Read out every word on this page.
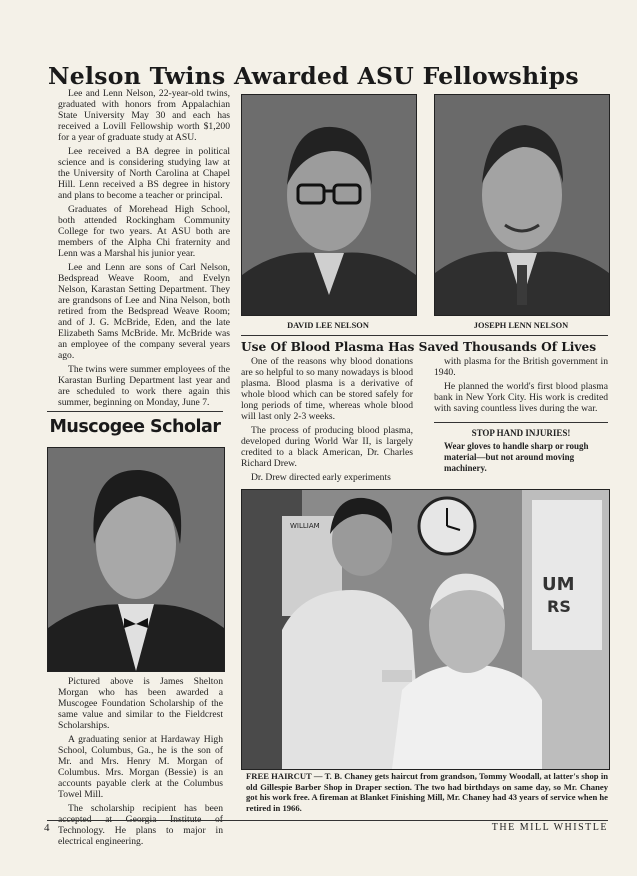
Nelson Twins Awarded ASU Fellowships

Lee and Lenn Nelson, 22-year-old twins, graduated with honors from Appalachian State University May 30 and each has received a Lovill Fellowship worth $1,200 for a year of graduate study at ASU.

Lee received a BA degree in political science and is considering studying law at the University of North Carolina at Chapel Hill. Lenn received a BS degree in history and plans to become a teacher or principal.

Graduates of Morehead High School, both attended Rockingham Community College for two years. At ASU both are members of the Alpha Chi fraternity and Lenn was a Marshal his junior year.

Lee and Lenn are sons of Carl Nelson, Bedspread Weave Room, and Evelyn Nelson, Karastan Setting Department. They are grandsons of Lee and Nina Nelson, both retired from the Bedspread Weave Room; and of J. G. McBride, Eden, and the late Elizabeth Sams McBride. Mr. McBride was an employee of the company several years ago.

The twins were summer employees of the Karastan Burling Department last year and are scheduled to work there again this summer, beginning on Monday, June 7.

DAVID LEE NELSON	JOSEPH LENN NELSON
Muscogee Scholar

Pictured above is James Shelton Morgan who has been awarded a Muscogee Foundation Scholarship of the same value and similar to the Fieldcrest Scholarships.

A graduating senior at Hardaway High School, Columbus, Ga., he is the son of Mr. and Mrs. Henry M. Morgan of Columbus. Mrs. Morgan (Bessie) is an accounts payable clerk at the Columbus Towel Mill.

The scholarship recipient has been Technology. He plans to major in electrical engineering.

Use Of Blood Plasma Has Saved Thousands Of Lives

One of the reasons why blood donations are so helpful to so many nowadays is blood plasma. Blood plasma is a derivative of whole blood which can be stored safely for long periods of time, whereas whole blood will last only 2-3 weeks.

The process of producing blood plasma, developed during World War II, is largely credited to a black American, Dr. Charles Richard Drew.

Dr. Drew directed early experiments

with plasma for the British government in 1940.

He planned the world's first blood plasma bank in New York City. His work is credited with saving countless lives during the war.

STOP HAND INJURIES!
Wear gloves to handle sharp or rough material—but not around moving machinery.
UM
RS
WILLIAM
FREE HAIRCUT — T. B. Chaney gets haircut from grandson, Tommy Woodall, at latter's shop in old Gillespie Barber Shop in Draper section. The two had birthdays on same day, so Mr. Chaney got his work free. A fireman at Blanket Finishing Mill, Mr. Chaney had 43 years of service when he retired in 1966.
4	THE MILL WHISTLE
